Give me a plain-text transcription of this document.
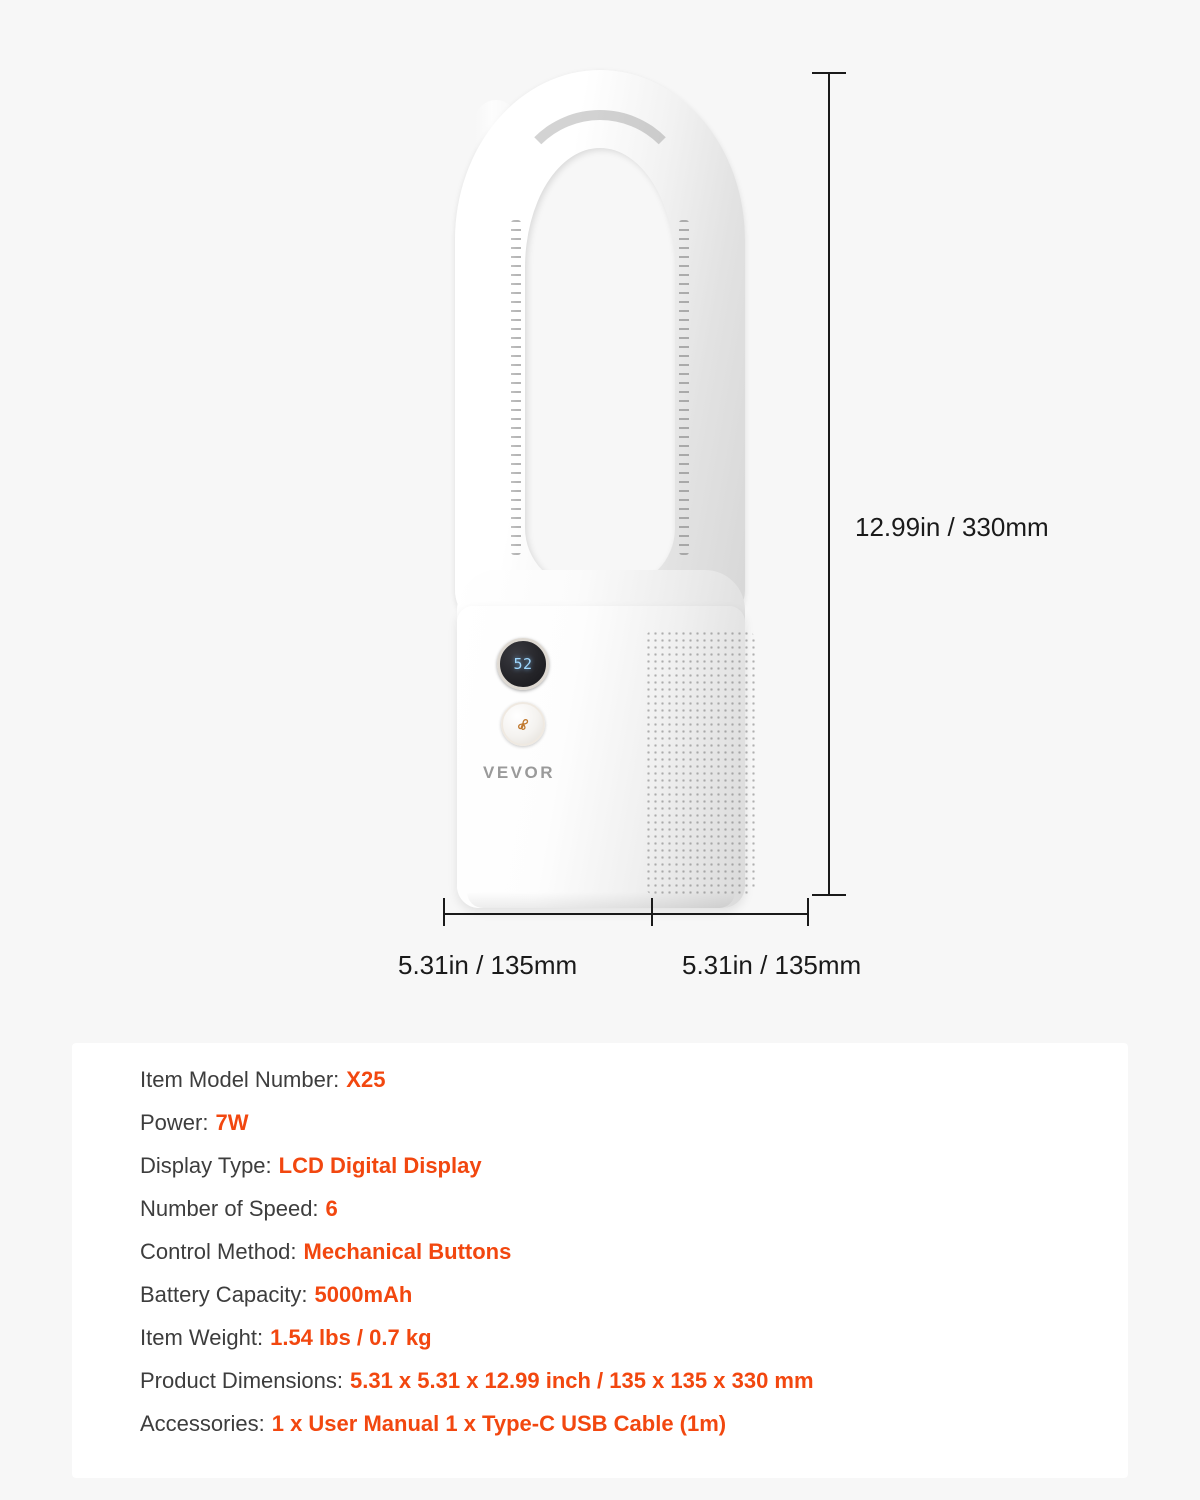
52
VEVOR
12.99in / 330mm
5.31in / 135mm	5.31in / 135mm
Item Model Number: X25
Power: 7W
Display Type: LCD Digital Display
Number of Speed: 6
Control Method: Mechanical Buttons
Battery Capacity: 5000mAh
Item Weight: 1.54 lbs / 0.7 kg
Product Dimensions: 5.31 x 5.31 x 12.99 inch / 135 x 135 x 330 mm
Accessories: 1 x User Manual 1 x Type-C USB Cable (1m)
